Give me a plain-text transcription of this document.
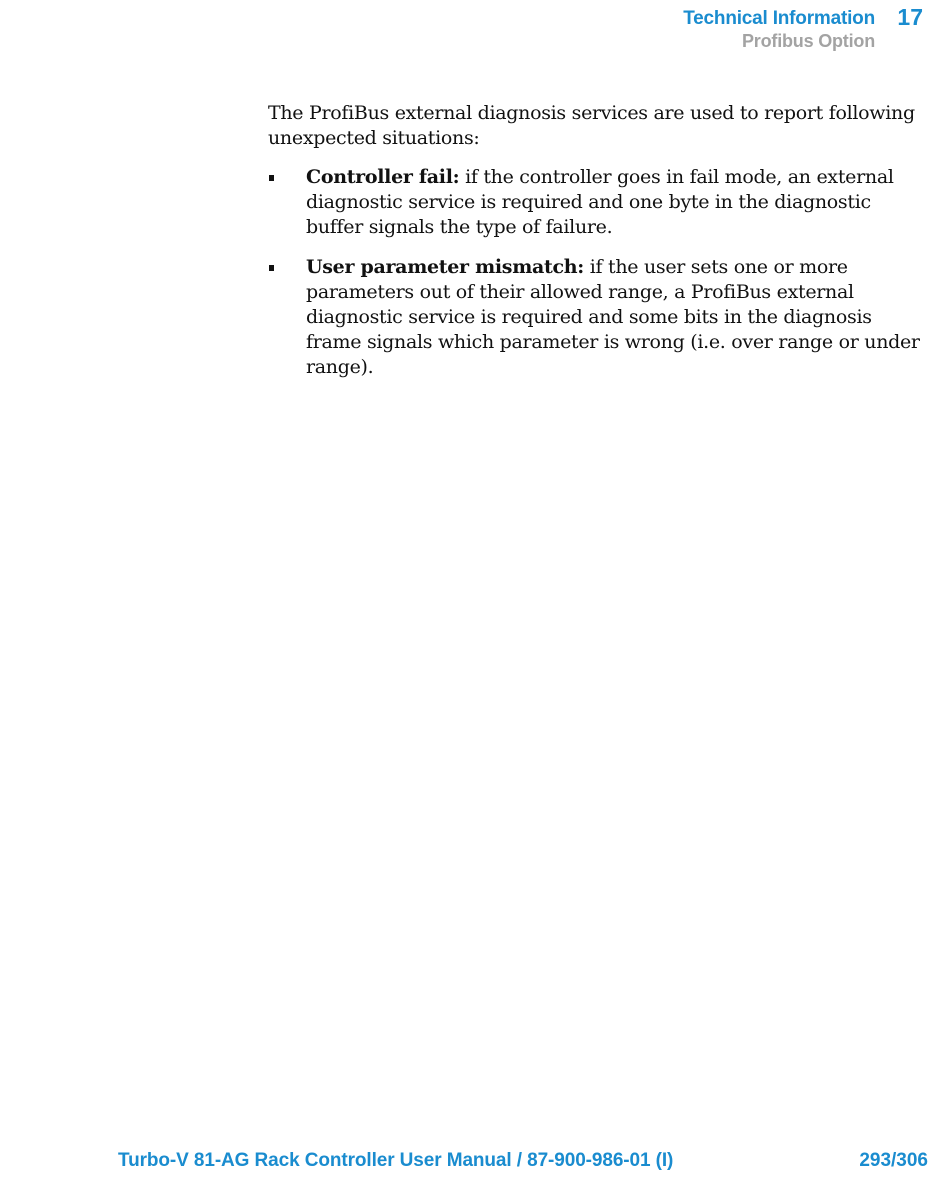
Technical Information 17
Profibus Option

The ProfiBus external diagnosis services are used to report following unexpected situations:

Controller fail: if the controller goes in fail mode, an external diagnostic service is required and one byte in the diagnostic buffer signals the type of failure.
User parameter mismatch: if the user sets one or more parameters out of their allowed range, a ProfiBus external diagnostic service is required and some bits in the diagnosis frame signals which parameter is wrong (i.e. over range or under range).
Turbo-V 81-AG Rack Controller User Manual / 87-900-986-01 (I)	293/306
